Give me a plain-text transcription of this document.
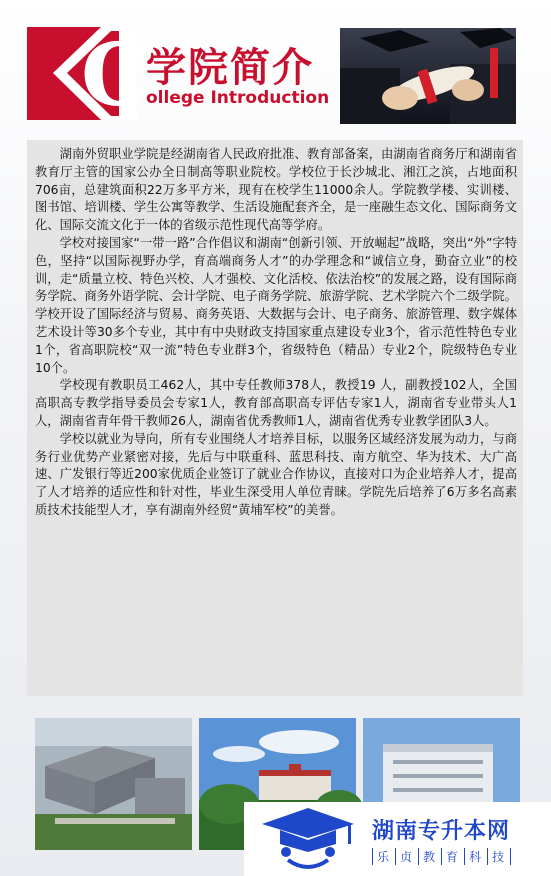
C
学院简介
ollege Introduction

湖南外贸职业学院是经湖南省人民政府批准、教育部备案，由湖南省商务厅和湖南省教育厅主管的国家公办全日制高等职业院校。学校位于长沙城北、湘江之滨，占地面积706亩，总建筑面积22万多平方米，现有在校学生11000余人。学院教学楼、实训楼、图书馆、培训楼、学生公寓等教学、生活设施配套齐全，是一座融生态文化、国际商务文化、国际交流文化于一体的省级示范性现代高等学府。

学校对接国家“一带一路”合作倡议和湖南“创新引领、开放崛起”战略，突出“外”字特色，坚持“以国际视野办学，育高端商务人才”的办学理念和“诚信立身，勤奋立业”的校训，走“质量立校、特色兴校、人才强校、文化活校、依法治校”的发展之路，设有国际商务学院、商务外语学院、会计学院、电子商务学院、旅游学院、艺术学院六个二级学院。学校开设了国际经济与贸易、商务英语、大数据与会计、电子商务、旅游管理、数字媒体艺术设计等30多个专业，其中有中央财政支持国家重点建设专业3个，省示范性特色专业1个，省高职院校“双一流”特色专业群3个，省级特色（精品）专业2个，院级特色专业10个。

学校现有教职员工462人，其中专任教师378人，教授19 人，副教授102人，全国高职高专教学指导委员会专家1人，教育部高职高专评估专家1人，湖南省专业带头人1人，湖南省青年骨干教师26人，湖南省优秀教师1人，湖南省优秀专业教学团队3人。

学校以就业为导向，所有专业围绕人才培养目标，以服务区域经济发展为动力，与商务行业优势产业紧密对接，先后与中联重科、蓝思科技、南方航空、华为技术、大广高速、广发银行等近200家优质企业签订了就业合作协议，直接对口为企业培养人才，提高了人才培养的适应性和针对性，毕业生深受用人单位青睐。学院先后培养了6万多名高素质技术技能型人才，享有湖南外经贸“黄埔军校”的美誉。

湖南专升本网
乐 贞 教 育 科 技
